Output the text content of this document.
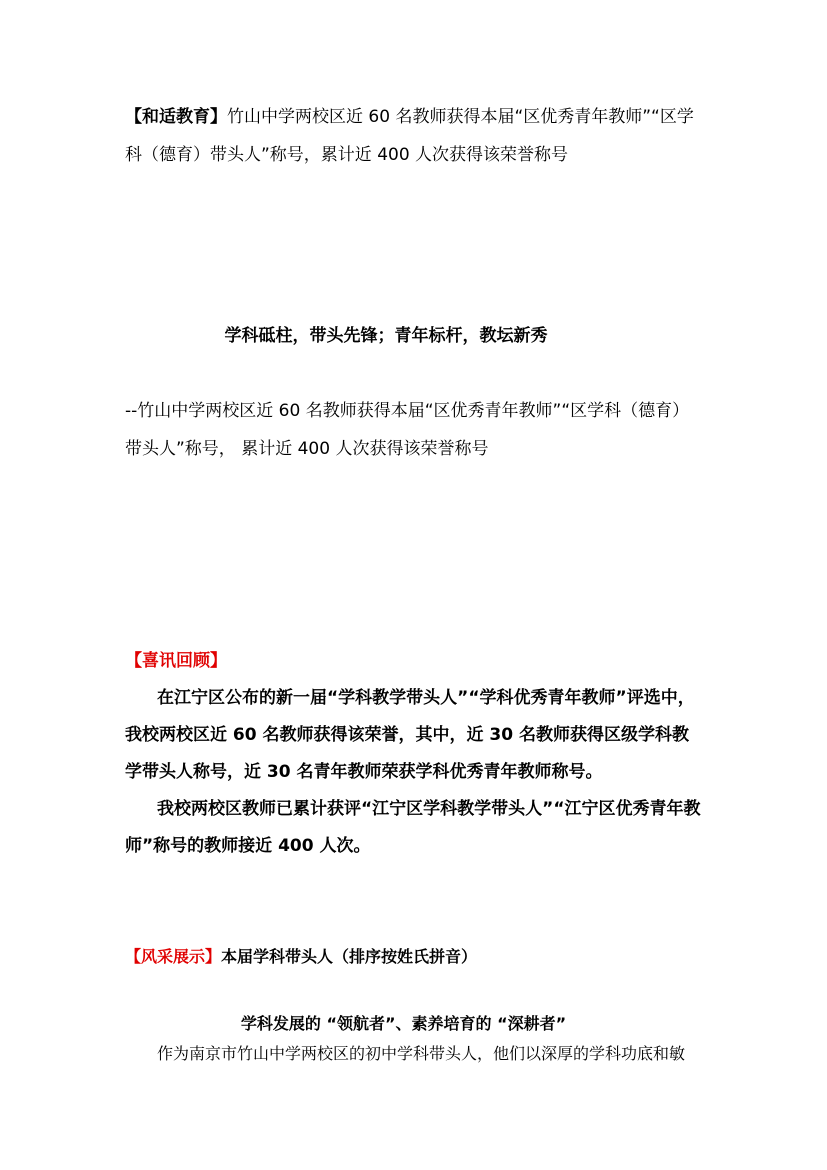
【和适教育】竹山中学两校区近 60 名教师获得本届“区优秀青年教师”“区学科（德育）带头人”称号，累计近 400 人次获得该荣誉称号
学科砥柱，带头先锋；青年标杆，教坛新秀
--竹山中学两校区近 60 名教师获得本届“区优秀青年教师”“区学科（德育）带头人”称号， 累计近 400 人次获得该荣誉称号
【喜讯回顾】

在江宁区公布的新一届“学科教学带头人”“学科优秀青年教师”评选中，我校两校区近 60 名教师获得该荣誉，其中，近 30 名教师获得区级学科教学带头人称号，近 30 名青年教师荣获学科优秀青年教师称号。

我校两校区教师已累计获评“江宁区学科教学带头人”“江宁区优秀青年教师”称号的教师接近 400 人次。

【风采展示】本届学科带头人（排序按姓氏拼音）
学科发展的 “领航者”、素养培育的 “深耕者”
作为南京市竹山中学两校区的初中学科带头人，他们以深厚的学科功底和敏
